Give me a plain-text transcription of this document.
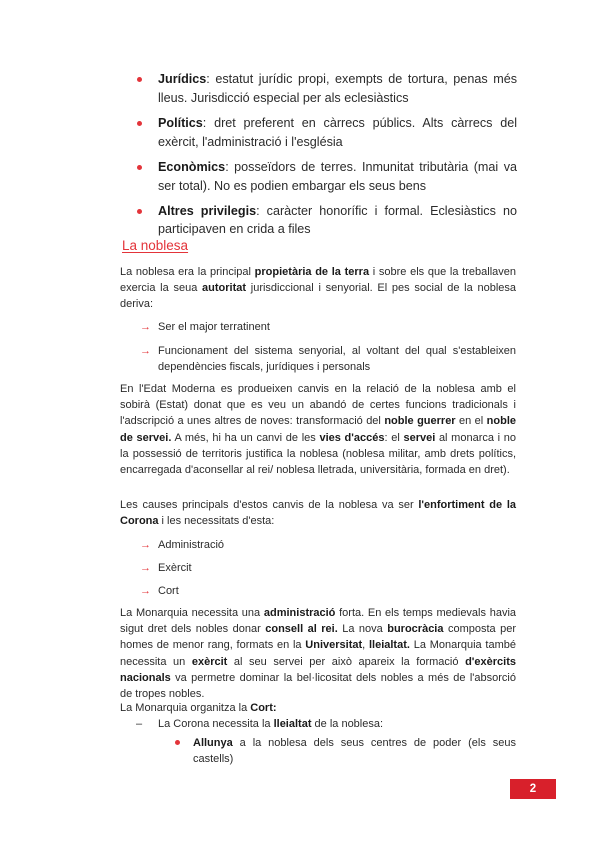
Jurídics: estatut jurídic propi, exempts de tortura, penas més lleus. Jurisdicció especial per als eclesiàstics
Polítics: dret preferent en càrrecs públics. Alts càrrecs del exèrcit, l'administració i l'església
Econòmics: posseïdors de terres. Inmunitat tributària (mai va ser total). No es podien embargar els seus bens
Altres privilegis: caràcter honorífic i formal. Eclesiàstics no participaven en crida a files
La noblesa

La noblesa era la principal propietària de la terra i sobre els que la treballaven exercia la seua autoritat jurisdiccional i senyorial. El pes social de la noblesa deriva:

→ Ser el major terratinent
→ Funcionament del sistema senyorial, al voltant del qual s'estableixen dependències fiscals, jurídiques i personals

En l'Edat Moderna es produeixen canvis en la relació de la noblesa amb el sobirà (Estat) donat que es veu un abandó de certes funcions tradicionals i l'adscripció a unes altres de noves: transformació del noble guerrer en el noble de servei. A més, hi ha un canvi de les vies d'accés: el servei al monarca i no la possessió de territoris justifica la noblesa (noblesa militar, amb drets polítics, encarregada d'aconsellar al rei/ noblesa lletrada, universitària, formada en dret).

Les causes principals d'estos canvis de la noblesa va ser l'enfortiment de la Corona i les necessitats d'esta:

→ Administració
→ Exèrcit
→ Cort

La Monarquia necessita una administració forta. En els temps medievals havia sigut dret dels nobles donar consell al rei. La nova burocràcia composta per homes de menor rang, formats en la Universitat, lleialtat. La Monarquia també necessita un exèrcit al seu servei per això apareix la formació d'exèrcits nacionals va permetre dominar la bel·licositat dels nobles a més de l'absorció de tropes nobles.

La Monarquia organitza la Cort:

– La Corona necessita la lleialtat de la noblesa:
Allunya a la noblesa dels seus centres de poder (els seus castells)
2
